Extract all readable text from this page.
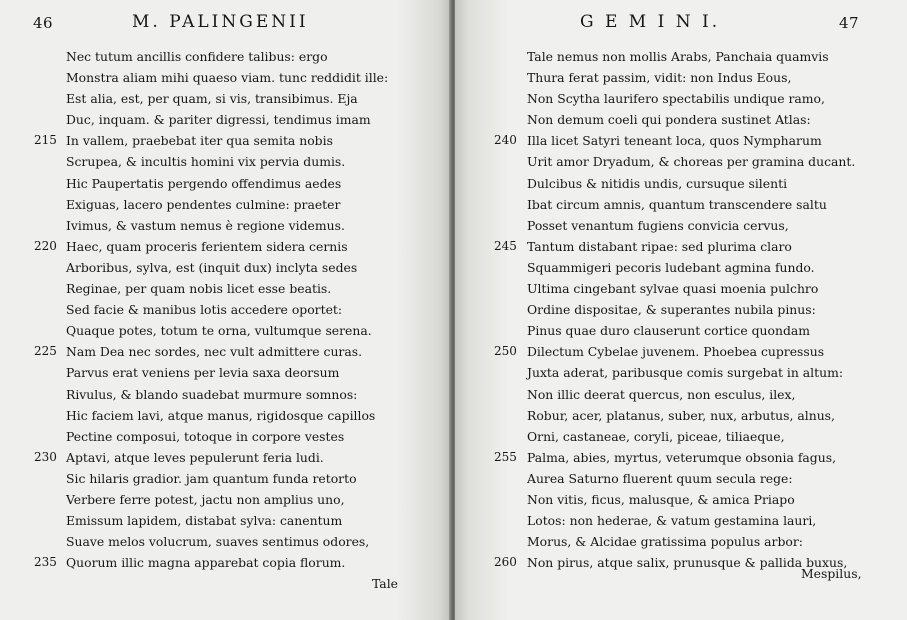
46	M. PALINGENII
Nec tutum ancillis confidere talibus: ergo
Monstra aliam mihi quaeso viam. tunc reddidit ille:
Est alia, est, per quam, si vis, transibimus. Eja
Duc, inquam. & pariter digressi, tendimus imam
215 In vallem, praebebat iter qua semita nobis
Scrupea, & incultis homini vix pervia dumis.
Hic Paupertatis pergendo offendimus aedes
Exiguas, lacero pendentes culmine: praeter
Ivimus, & vastum nemus è regione videmus.
220 Haec, quam proceris ferientem sidera cernis
Arboribus, sylva, est (inquit dux) inclyta sedes
Reginae, per quam nobis licet esse beatis.
Sed facie & manibus lotis accedere oportet:
Quaque potes, totum te orna, vultumque serena.
225 Nam Dea nec sordes, nec vult admittere curas.
Parvus erat veniens per levia saxa deorsum
Rivulus, & blando suadebat murmure somnos:
Hic faciem lavi, atque manus, rigidosque capillos
Pectine composui, totoque in corpore vestes
230 Aptavi, atque leves pepulerunt feria ludi.
Sic hilaris gradior. jam quantum funda retorto
Verbere ferre potest, jactu non amplius uno,
Emissum lapidem, distabat sylva: canentum
Suave melos volucrum, suaves sentimus odores,
235 Quorum illic magna apparebat copia florum.
Tale
G E M I N I.	47
Tale nemus non mollis Arabs, Panchaia quamvis
Thura ferat passim, vidit: non Indus Eous,
Non Scytha laurifero spectabilis undique ramo,
Non demum coeli qui pondera sustinet Atlas:
240 Illa licet Satyri teneant loca, quos Nympharum
Urit amor Dryadum, & choreas per gramina ducant.
Dulcibus & nitidis undis, cursuque silenti
Ibat circum amnis, quantum transcendere saltu
Posset venantum fugiens convicia cervus,
245 Tantum distabant ripae: sed plurima claro
Squammigeri pecoris ludebant agmina fundo.
Ultima cingebant sylvae quasi moenia pulchro
Ordine dispositae, & superantes nubila pinus:
Pinus quae duro clauserunt cortice quondam
250 Dilectum Cybelae juvenem. Phoebea cupressus
Juxta aderat, paribusque comis surgebat in altum:
Non illic deerat quercus, non esculus, ilex,
Robur, acer, platanus, suber, nux, arbutus, alnus,
Orni, castaneae, coryli, piceae, tiliaeque,
255 Palma, abies, myrtus, veterumque obsonia fagus,
Aurea Saturno fluerent quum secula rege:
Non vitis, ficus, malusque, & amica Priapo
Lotos: non hederae, & vatum gestamina lauri,
Morus, & Alcidae gratissima populus arbor:
260 Non pirus, atque salix, prunusque & pallida buxus,
Mespilus,
